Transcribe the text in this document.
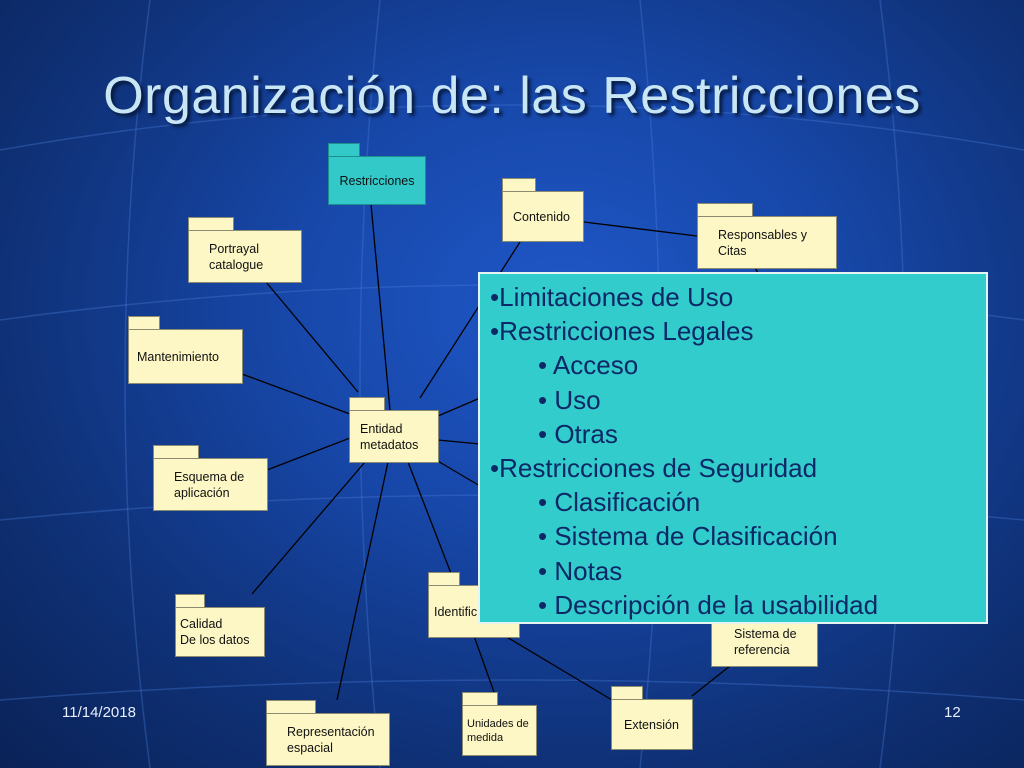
Organización de: las Restricciones
Restricciones
Contenido
Responsables y
Citas
Portrayal
catalogue
Mantenimiento
Entidad
metadatos
Esquema de
aplicación
Calidad
De los datos
Identific
Sistema de
referencia
Representación
espacial
Unidades de
medida
Extensión
•Limitaciones de Uso
•Restricciones Legales
• Acceso
• Uso
• Otras
•Restricciones de Seguridad
• Clasificación
• Sistema de Clasificación
• Notas
• Descripción de la usabilidad
11/14/2018	12
